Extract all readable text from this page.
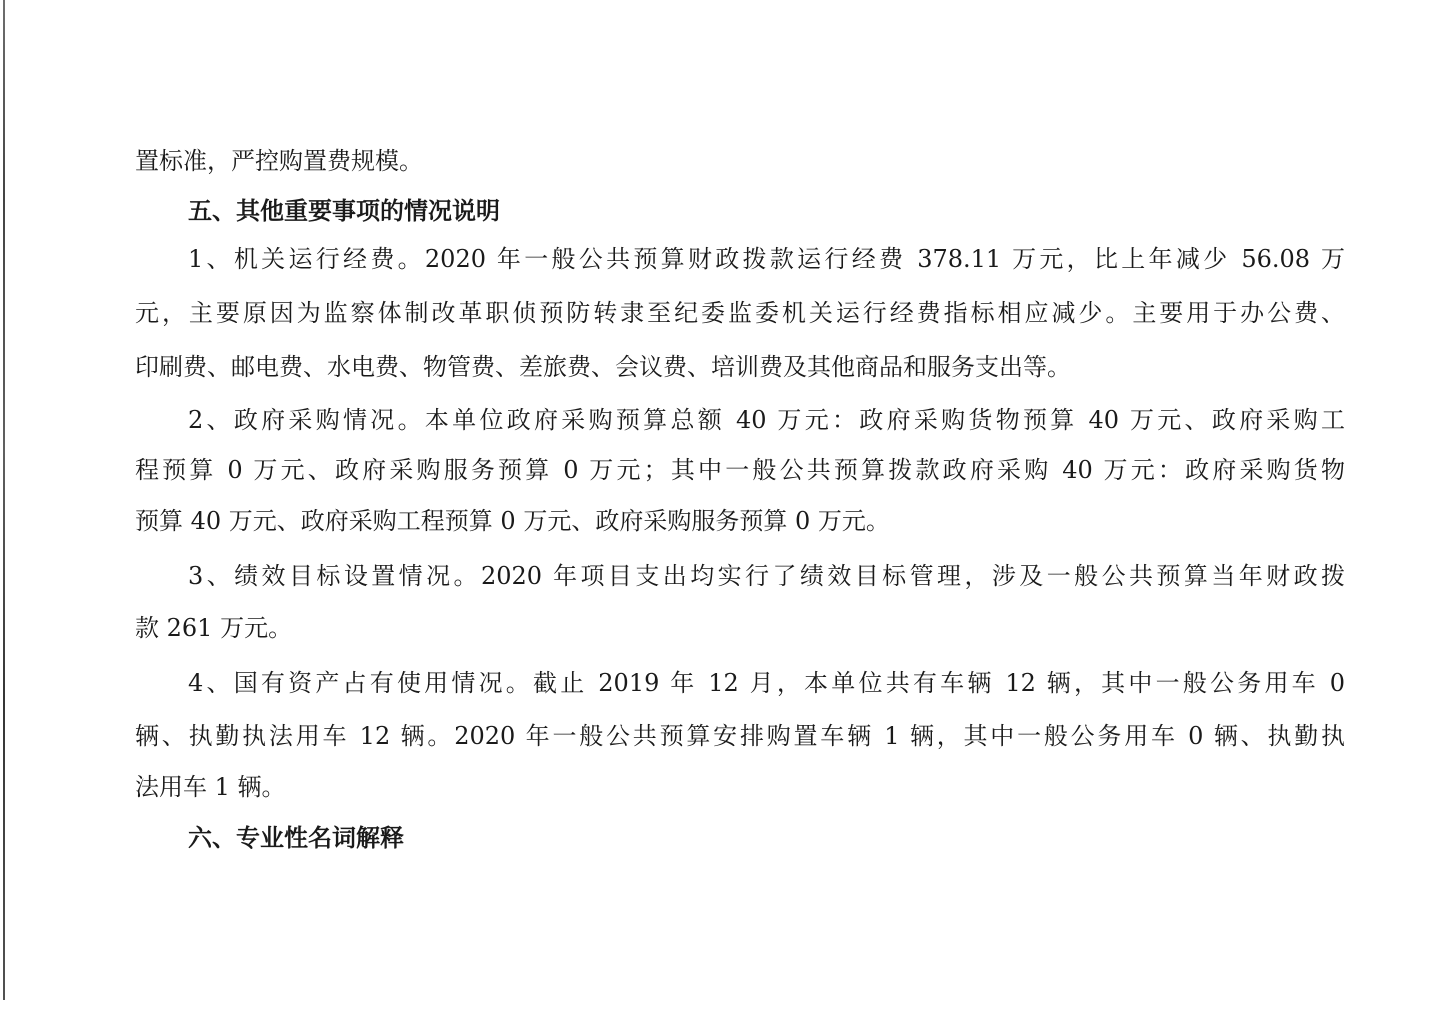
置标准，严控购置费规模。
五、其他重要事项的情况说明
1、机关运行经费。2020 年一般公共预算财政拨款运行经费 378.11 万元，比上年减少 56.08 万
元，主要原因为监察体制改革职侦预防转隶至纪委监委机关运行经费指标相应减少。主要用于办公费、
印刷费、邮电费、水电费、物管费、差旅费、会议费、培训费及其他商品和服务支出等。
2、政府采购情况。本单位政府采购预算总额 40 万元：政府采购货物预算 40 万元、政府采购工
程预算 0 万元、政府采购服务预算 0 万元；其中一般公共预算拨款政府采购 40 万元：政府采购货物
预算 40 万元、政府采购工程预算 0 万元、政府采购服务预算 0 万元。
3、绩效目标设置情况。2020 年项目支出均实行了绩效目标管理，涉及一般公共预算当年财政拨
款 261 万元。
4、国有资产占有使用情况。截止 2019 年 12 月，本单位共有车辆 12 辆，其中一般公务用车 0
辆、执勤执法用车 12 辆。2020 年一般公共预算安排购置车辆 1 辆，其中一般公务用车 0 辆、执勤执
法用车 1 辆。
六、专业性名词解释
